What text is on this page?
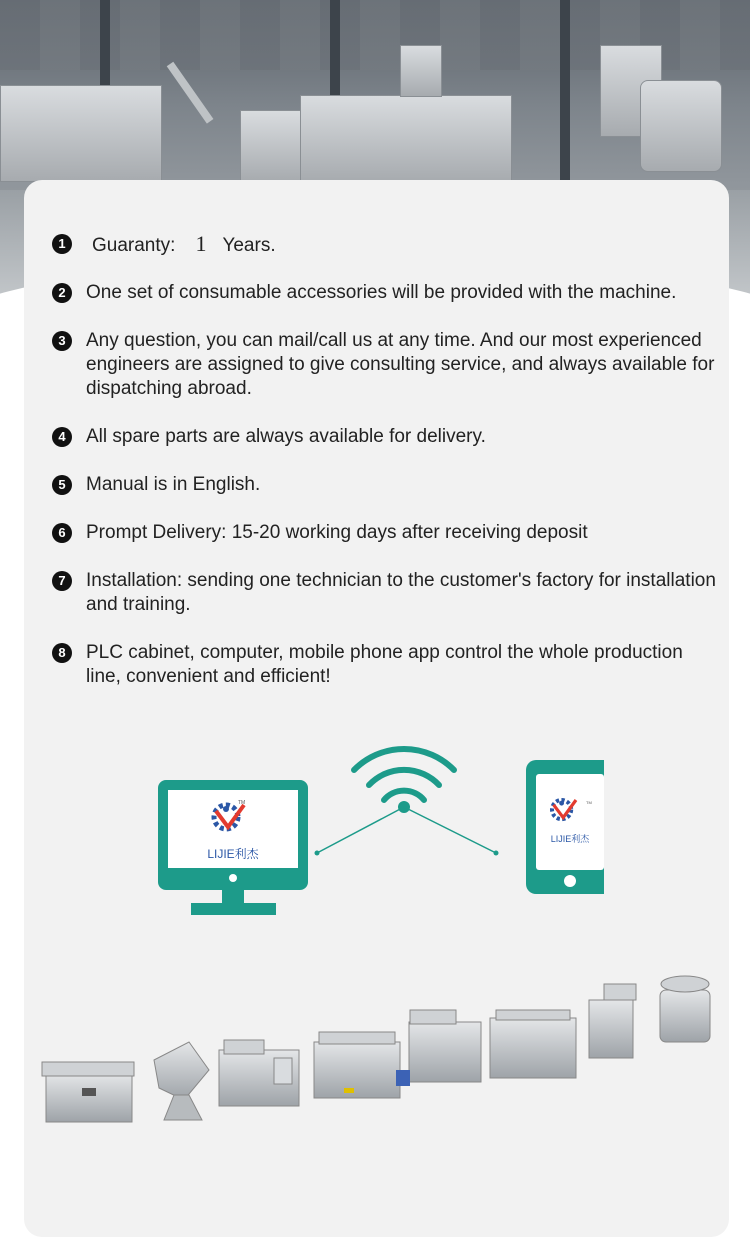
1	Guaranty: 1 Years.
2	One set of consumable accessories will be provided with the machine.
3	Any question, you can mail/call us at any time. And our most experienced engineers are assigned to give consulting service, and always available for dispatching abroad.
4	All spare parts are always available for delivery.
5	Manual is in English.
6	Prompt Delivery: 15-20 working days after receiving deposit
7	Installation: sending one technician to the customer's factory for installation and training.
8	PLC cabinet, computer, mobile phone app control the whole production line, convenient and efficient!
TM
LIJIE利杰
TM
LIJIE利杰
